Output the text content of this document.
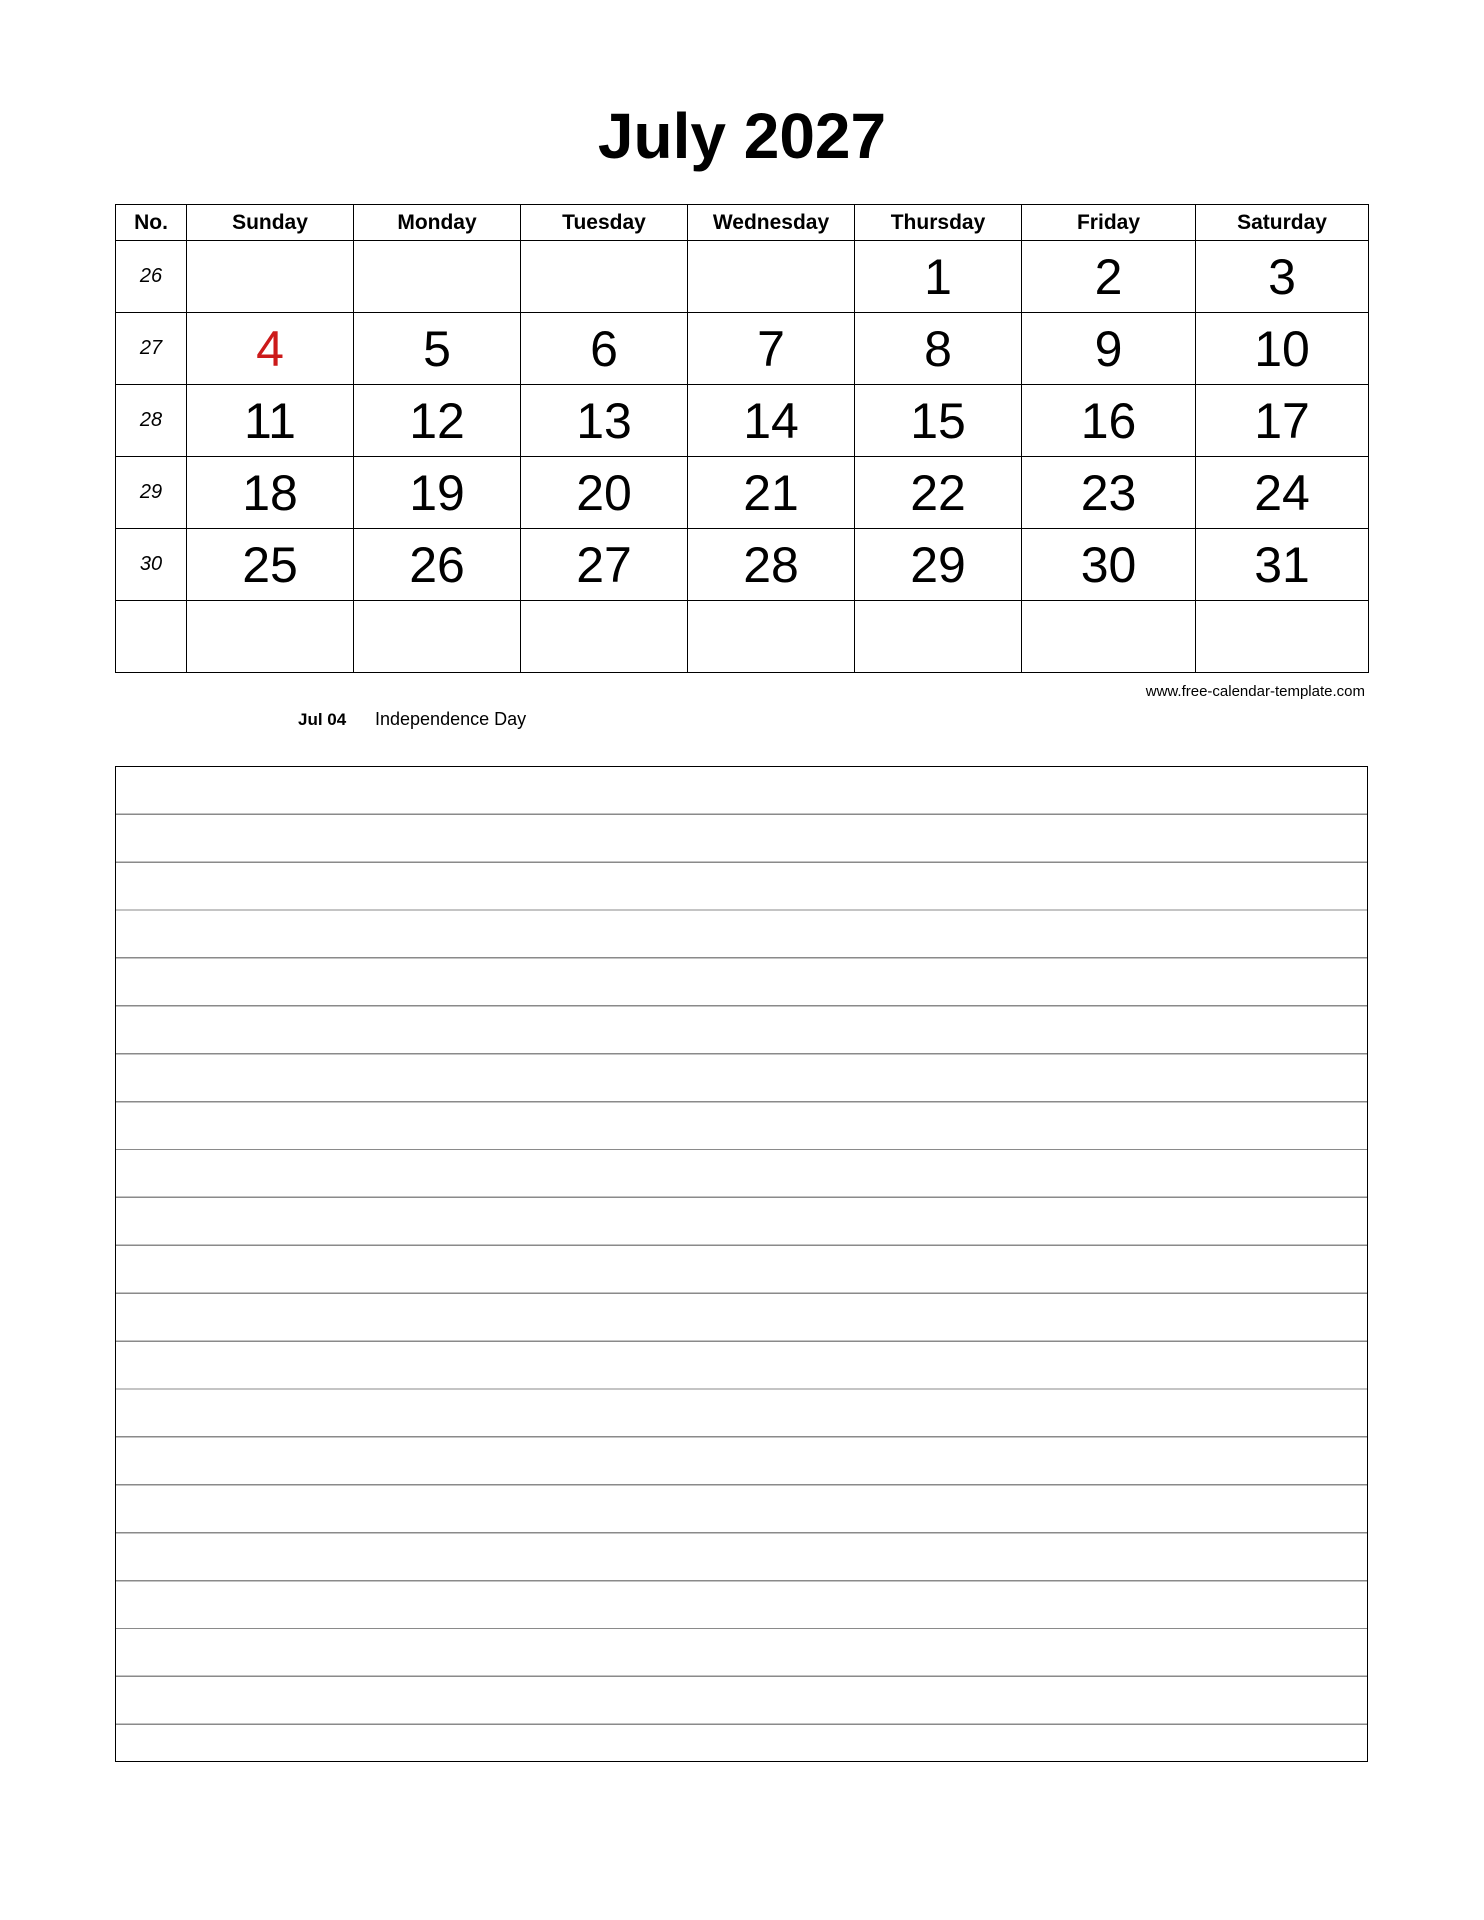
July 2027
No.	Sunday	Monday	Tuesday	Wednesday	Thursday	Friday	Saturday
26					1	2	3
27	4	5	6	7	8	9	10
28	11	12	13	14	15	16	17
29	18	19	20	21	22	23	24
30	25	26	27	28	29	30	31

www.free-calendar-template.com
Jul 04 Independence Day
